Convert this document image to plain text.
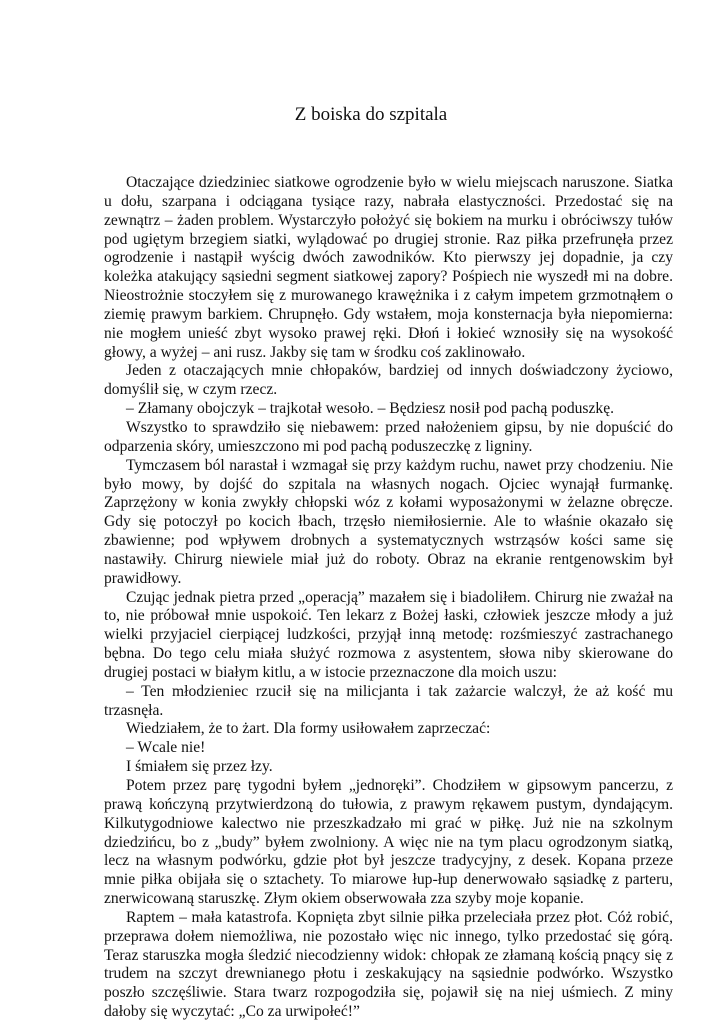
Z boiska do szpitala

Otaczające dziedziniec siatkowe ogrodzenie było w wielu miejscach naruszone. Siatka u dołu, szarpana i odciągana tysiące razy, nabrała elastyczności. Przedostać się na zewnątrz – żaden problem. Wystarczyło położyć się bokiem na murku i obróciwszy tułów pod ugiętym brzegiem siatki, wylądować po drugiej stronie. Raz piłka przefrunęła przez ogrodzenie i nastąpił wyścig dwóch zawodników. Kto pierwszy jej dopadnie, ja czy koleżka atakujący sąsiedni segment siatkowej zapory? Pośpiech nie wyszedł mi na dobre. Nieostrożnie stoczyłem się z murowanego krawężnika i z całym impetem grzmotnąłem o ziemię prawym barkiem. Chrupnęło. Gdy wstałem, moja konsternacja była niepomierna: nie mogłem unieść zbyt wysoko prawej ręki. Dłoń i łokieć wznosiły się na wysokość głowy, a wyżej – ani rusz. Jakby się tam w środku coś zaklinowało.

Jeden z otaczających mnie chłopaków, bardziej od innych doświadczony życiowo, domyślił się, w czym rzecz.

– Złamany obojczyk – trajkotał wesoło. – Będziesz nosił pod pachą poduszkę.

Wszystko to sprawdziło się niebawem: przed nałożeniem gipsu, by nie dopuścić do odparzenia skóry, umieszczono mi pod pachą poduszeczkę z ligniny.

Tymczasem ból narastał i wzmagał się przy każdym ruchu, nawet przy chodzeniu. Nie było mowy, by dojść do szpitala na własnych nogach. Ojciec wynajął furmankę. Zaprzężony w konia zwykły chłopski wóz z kołami wyposażonymi w żelazne obręcze. Gdy się potoczył po kocich łbach, trzęsło niemiłosiernie. Ale to właśnie okazało się zbawienne; pod wpływem drobnych a systematycznych wstrząsów kości same się nastawiły. Chirurg niewiele miał już do roboty. Obraz na ekranie rentgenowskim był prawidłowy.

Czując jednak pietra przed „operacją” mazałem się i biadoliłem. Chirurg nie zważał na to, nie próbował mnie uspokoić. Ten lekarz z Bożej łaski, człowiek jeszcze młody a już wielki przyjaciel cierpiącej ludzkości, przyjął inną metodę: rozśmieszyć zastrachanego bębna. Do tego celu miała służyć rozmowa z asystentem, słowa niby skierowane do drugiej postaci w białym kitlu, a w istocie przeznaczone dla moich uszu:

– Ten młodzieniec rzucił się na milicjanta i tak zażarcie walczył, że aż kość mu trzasnęła.

Wiedziałem, że to żart. Dla formy usiłowałem zaprzeczać:

– Wcale nie!

I śmiałem się przez łzy.

Potem przez parę tygodni byłem „jednoręki”. Chodziłem w gipsowym pancerzu, z prawą kończyną przytwierdzoną do tułowia, z prawym rękawem pustym, dyndającym. Kilkutygodniowe kalectwo nie przeszkadzało mi grać w piłkę. Już nie na szkolnym dziedzińcu, bo z „budy” byłem zwolniony. A więc nie na tym placu ogrodzonym siatką, lecz na własnym podwórku, gdzie płot był jeszcze tradycyjny, z desek. Kopana przeze mnie piłka obijała się o sztachety. To miarowe łup-łup denerwowało sąsiadkę z parteru, znerwicowaną staruszkę. Złym okiem obserwowała zza szyby moje kopanie.

Raptem – mała katastrofa. Kopnięta zbyt silnie piłka przeleciała przez płot. Cóż robić, przeprawa dołem niemożliwa, nie pozostało więc nic innego, tylko przedostać się górą. Teraz staruszka mogła śledzić niecodzienny widok: chłopak ze złamaną kością pnący się z trudem na szczyt drewnianego płotu i zeskakujący na sąsiednie podwórko. Wszystko poszło szczęśliwie. Stara twarz rozpogodziła się, pojawił się na niej uśmiech. Z miny dałoby się wyczytać: „Co za urwipołeć!”
